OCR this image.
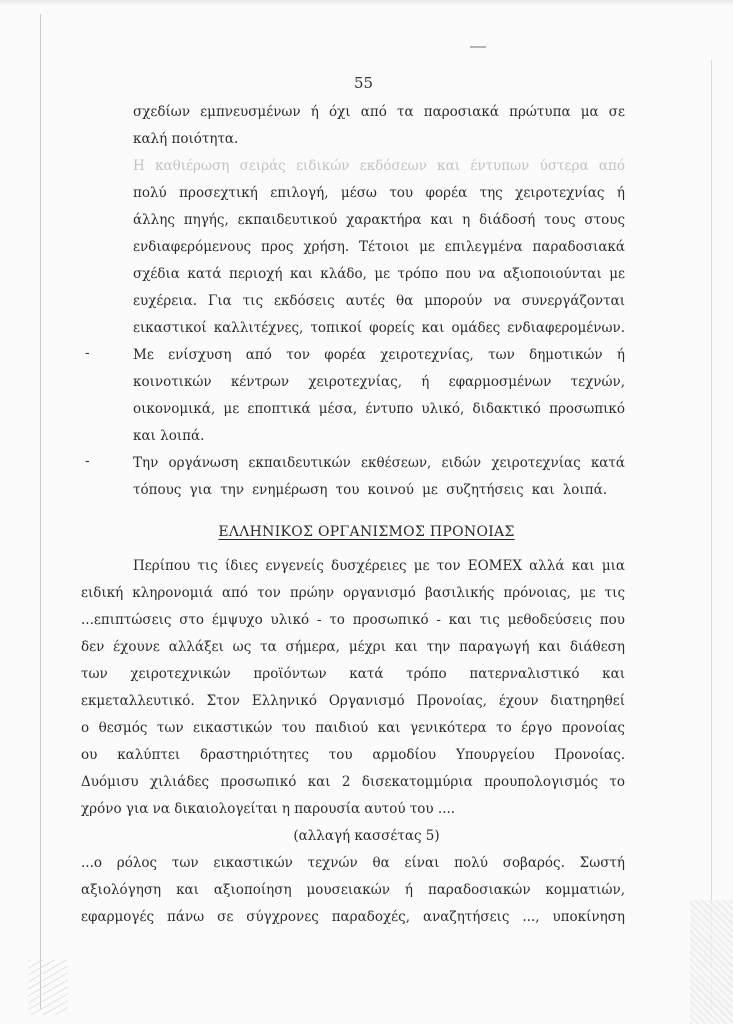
55
σχεδίων εμπνευσμένων ή όχι από τα παροσιακά πρώτυπα μα σε
καλή ποιότητα.
Η καθιέρωση σειράς ειδικών εκδόσεων και έντυπων ύστερα από
πολύ προσεχτική επιλογή, μέσω του φορέα της χειροτεχνίας ή
άλλης πηγής, εκπαιδευτικού χαρακτήρα και η διάδοσή τους στους
ενδιαφερόμενους προς χρήση. Τέτοιοι με επιλεγμένα παραδοσιακά
σχέδια κατά περιοχή και κλάδο, με τρόπο που να αξιοποιούνται με
ευχέρεια. Για τις εκδόσεις αυτές θα μπορούν να συνεργάζονται
εικαστικοί καλλιτέχνες, τοπικοί φορείς και ομάδες ενδιαφερομένων.
-	Με ενίσχυση από τον φορέα χειροτεχνίας, των δημοτικών ή
κοινοτικών κέντρων χειροτεχνίας, ή εφαρμοσμένων τεχνών,
οικονομικά, με εποπτικά μέσα, έντυπο υλικό, διδακτικό προσωπικό
και λοιπά.
-	Την οργάνωση εκπαιδευτικών εκθέσεων, ειδών χειροτεχνίας κατά
τόπους για την ενημέρωση του κοινού με συζητήσεις και λοιπά.
ΕΛΛΗΝΙΚΟΣ ΟΡΓΑΝΙΣΜΟΣ ΠΡΟΝΟΙΑΣ
Περίπου τις ίδιες ενγενείς δυσχέρειες με τον ΕΟΜΕΧ αλλά και μια
ειδική κληρονομιά από τον πρώην οργανισμό βασιλικής πρόνοιας, με τις
...επιπτώσεις στο έμψυχο υλικό - το προσωπικό - και τις μεθοδεύσεις που
δεν έχουνε αλλάξει ως τα σήμερα, μέχρι και την παραγωγή και διάθεση
των χειροτεχνικών προϊόντων κατά τρόπο πατερναλιστικό και
εκμεταλλευτικό. Στον Ελληνικό Οργανισμό Προνοίας, έχουν διατηρηθεί
ο θεσμός των εικαστικών του παιδιού και γενικότερα το έργο προνοίας
ου καλύπτει δραστηριότητες του αρμοδίου Υπουργείου Προνοίας.
Δυόμισυ χιλιάδες προσωπικό και 2 δισεκατομμύρια προυπολογισμός το
χρόνο για να δικαιολογείται η παρουσία αυτού του ....
(αλλαγή κασσέτας 5)
...ο ρόλος των εικαστικών τεχνών θα είναι πολύ σοβαρός. Σωστή
αξιολόγηση και αξιοποίηση μουσειακών ή παραδοσιακών κομματιών,
εφαρμογές πάνω σε σύγχρονες παραδοχές, αναζητήσεις ..., υποκίνηση
